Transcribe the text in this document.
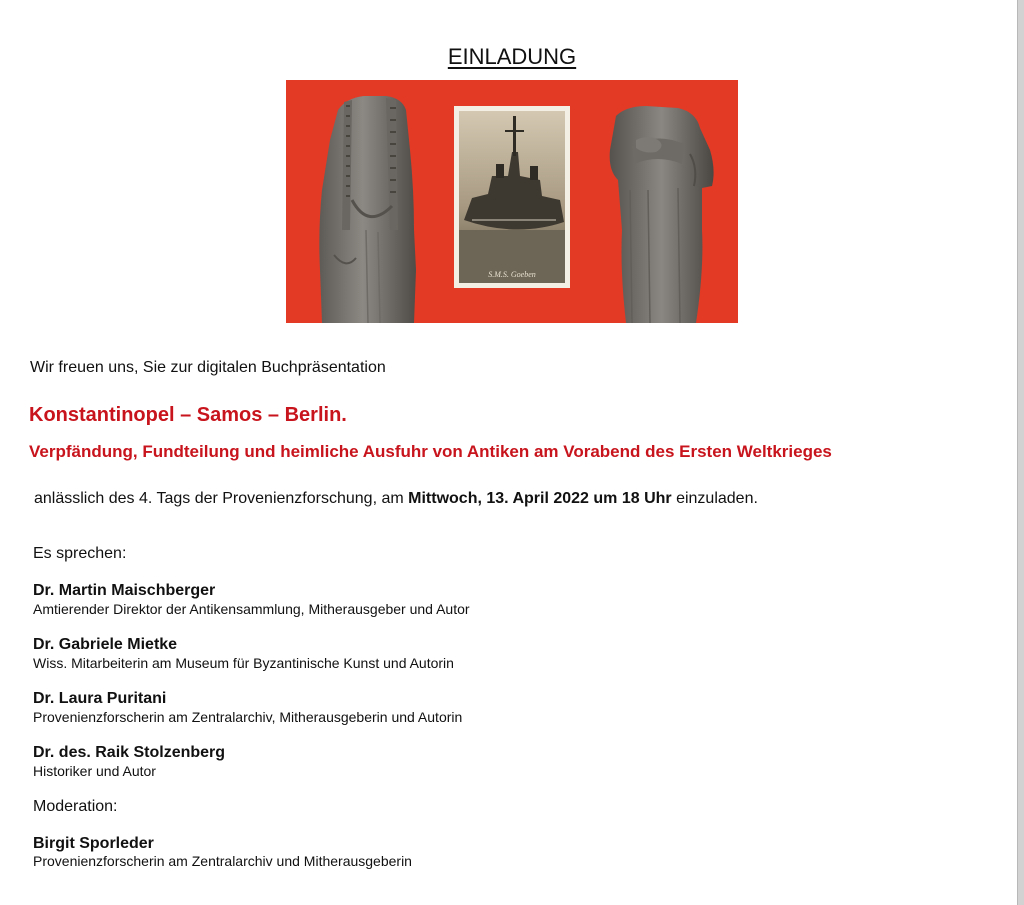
EINLADUNG
S.M.S. Goeben

Wir freuen uns, Sie zur digitalen Buchpräsentation

Konstantinopel – Samos – Berlin.

Verpfändung, Fundteilung und heimliche Ausfuhr von Antiken am Vorabend des Ersten Weltkrieges

anlässlich des 4. Tags der Provenienzforschung, am Mittwoch, 13. April 2022 um 18 Uhr einzuladen.

Es sprechen:

Dr. Martin Maischberger

Amtierender Direktor der Antikensammlung, Mitherausgeber und Autor

Dr. Gabriele Mietke

Wiss. Mitarbeiterin am Museum für Byzantinische Kunst und Autorin

Dr. Laura Puritani

Provenienzforscherin am Zentralarchiv, Mitherausgeberin und Autorin

Dr. des. Raik Stolzenberg

Historiker und Autor

Moderation:

Birgit Sporleder

Provenienzforscherin am Zentralarchiv und Mitherausgeberin
